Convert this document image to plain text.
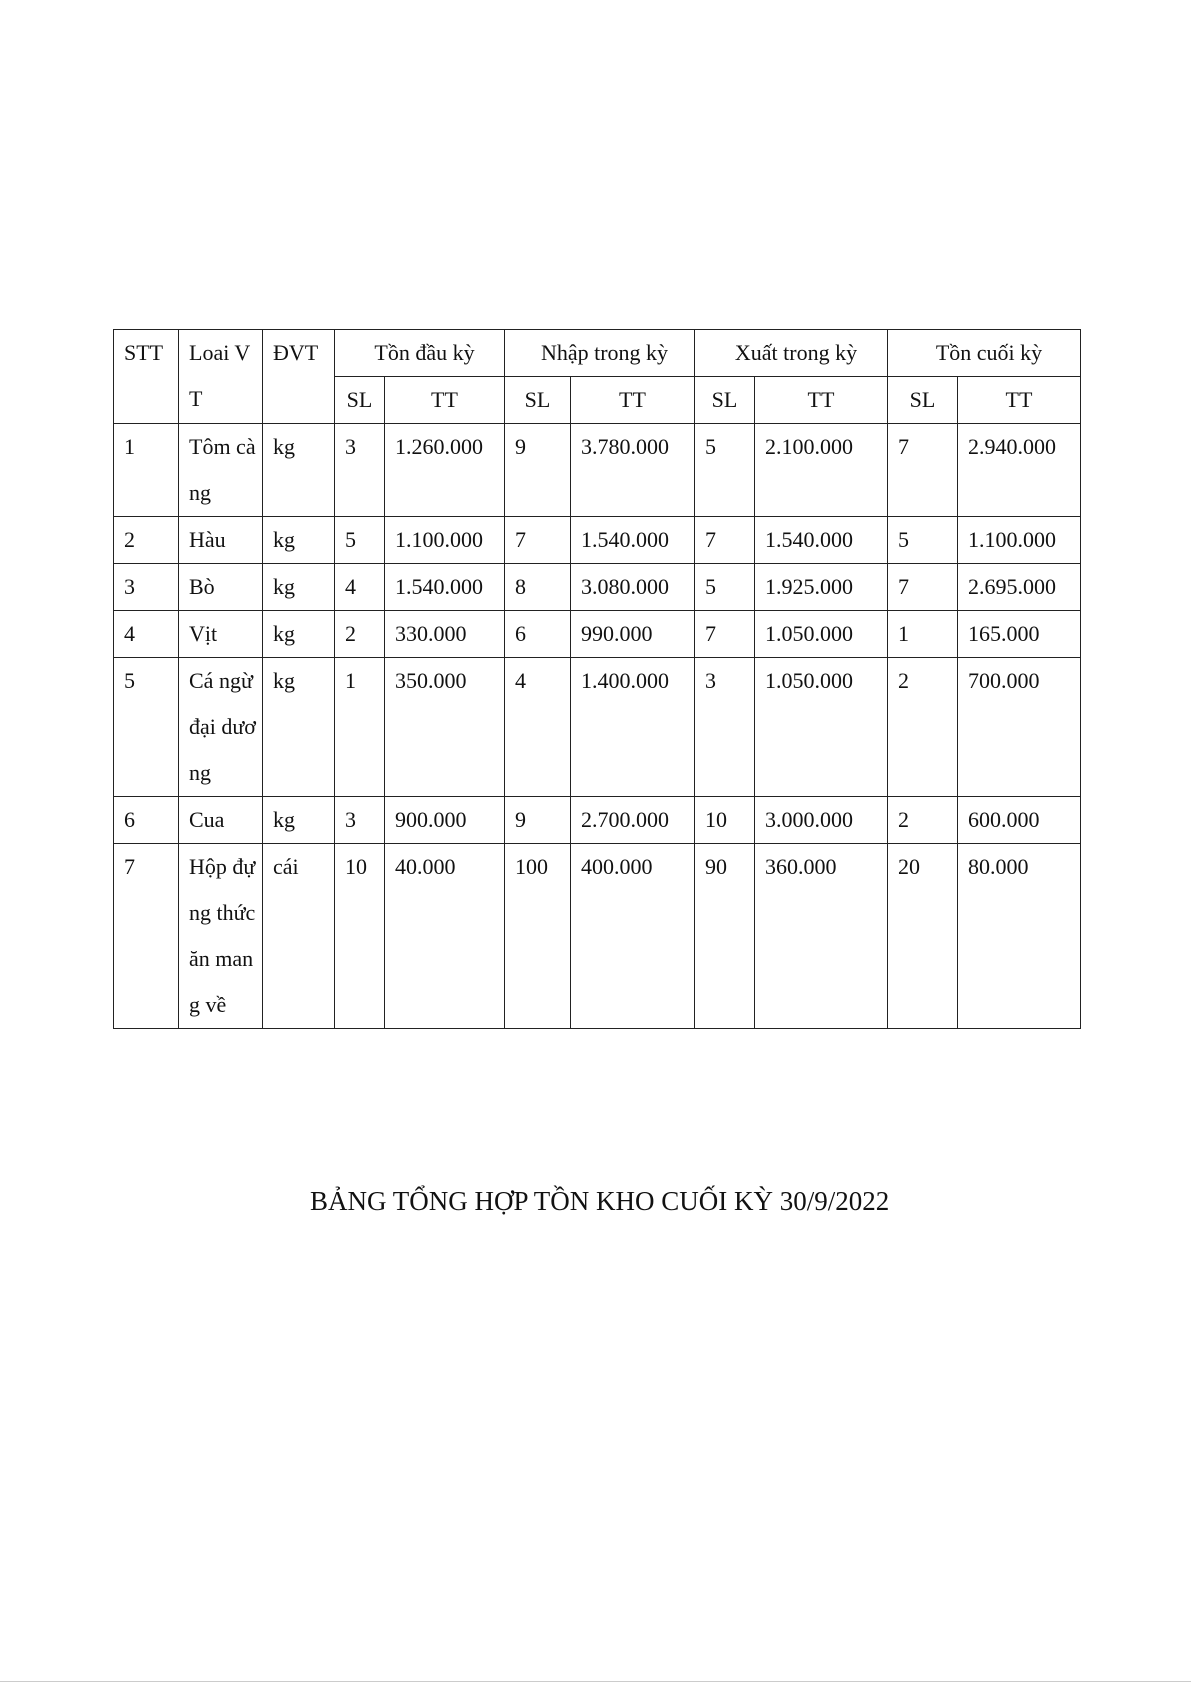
STT	Loai VT	ĐVT	Tồn đầu kỳ		Nhập trong kỳ		Xuất trong kỳ		Tồn cuối kỳ	
			SL	TT	SL	TT	SL	TT	SL	TT
1	Tôm càng	kg	3	1.260.000	9	3.780.000	5	2.100.000	7	2.940.000
2	Hàu	kg	5	1.100.000	7	1.540.000	7	1.540.000	5	1.100.000
3	Bò	kg	4	1.540.000	8	3.080.000	5	1.925.000	7	2.695.000
4	Vịt	kg	2	330.000	6	990.000	7	1.050.000	1	165.000
5	Cá ngừ đại dương	kg	1	350.000	4	1.400.000	3	1.050.000	2	700.000
6	Cua	kg	3	900.000	9	2.700.000	10	3.000.000	2	600.000
7	Hộp đựng thức ăn mang về	cái	10	40.000	100	400.000	90	360.000	20	80.000
BẢNG TỔNG HỢP TỒN KHO CUỐI KỲ 30/9/2022
